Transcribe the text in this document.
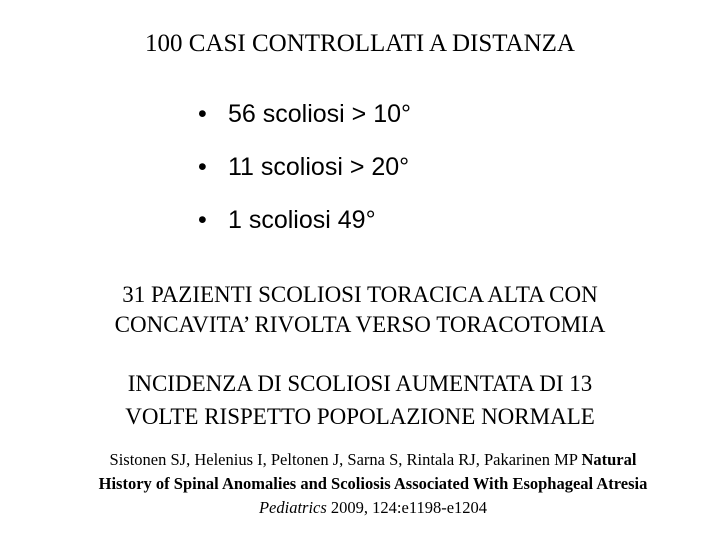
100 CASI CONTROLLATI A DISTANZA
• 56 scoliosi > 10°
• 11 scoliosi > 20°
• 1 scoliosi 49°
31 PAZIENTI SCOLIOSI TORACICA ALTA CON
CONCAVITA’ RIVOLTA VERSO TORACOTOMIA
INCIDENZA DI SCOLIOSI AUMENTATA DI 13
VOLTE RISPETTO POPOLAZIONE NORMALE
Sistonen SJ, Helenius I, Peltonen J, Sarna S, Rintala RJ, Pakarinen MP Natural
History of Spinal Anomalies and Scoliosis Associated With Esophageal Atresia
Pediatrics 2009, 124:e1198-e1204
